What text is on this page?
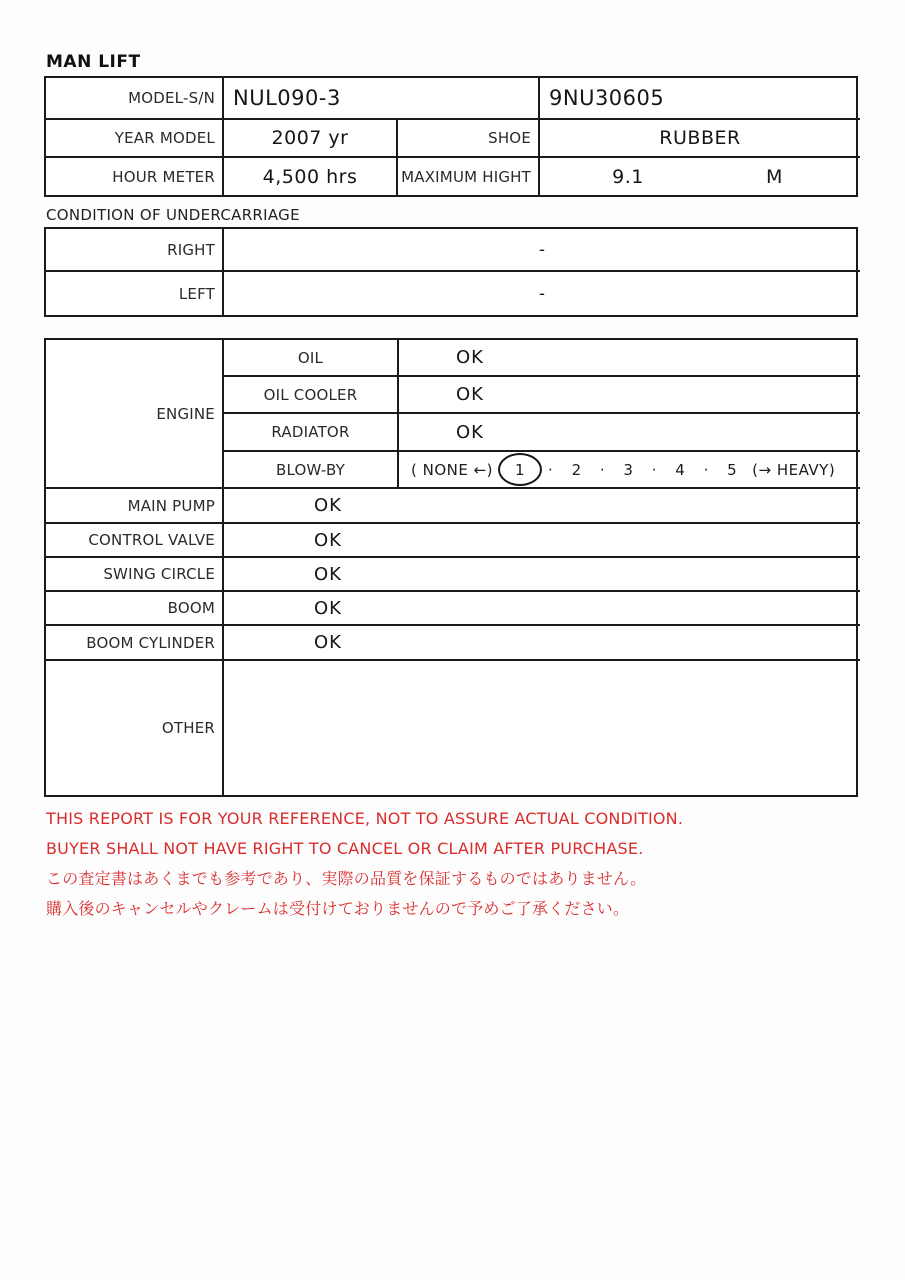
MAN LIFT
MODEL-S/N NUL090-3	9NU30605
YEAR MODEL	2007 yr	SHOE	RUBBER
HOUR METER	4,500 hrs	MAXIMUM HIGHT	9.1	M
CONDITION OF UNDERCARRIAGE
RIGHT	-
LEFT	-
ENGINE
OIL	OK
OIL COOLER	OK
RADIATOR	OK
BLOW-BY	( NONE ←) 1 · 2 · 3 · 4 · 5 (→ HEAVY)
MAIN PUMP	OK
CONTROL VALVE	OK
SWING CIRCLE	OK
BOOM	OK
BOOM CYLINDER	OK
OTHER
THIS REPORT IS FOR YOUR REFERENCE, NOT TO ASSURE ACTUAL CONDITION.
BUYER SHALL NOT HAVE RIGHT TO CANCEL OR CLAIM AFTER PURCHASE.
この査定書はあくまでも参考であり、実際の品質を保証するものではありません。
購入後のキャンセルやクレームは受付けておりませんので予めご了承ください。
